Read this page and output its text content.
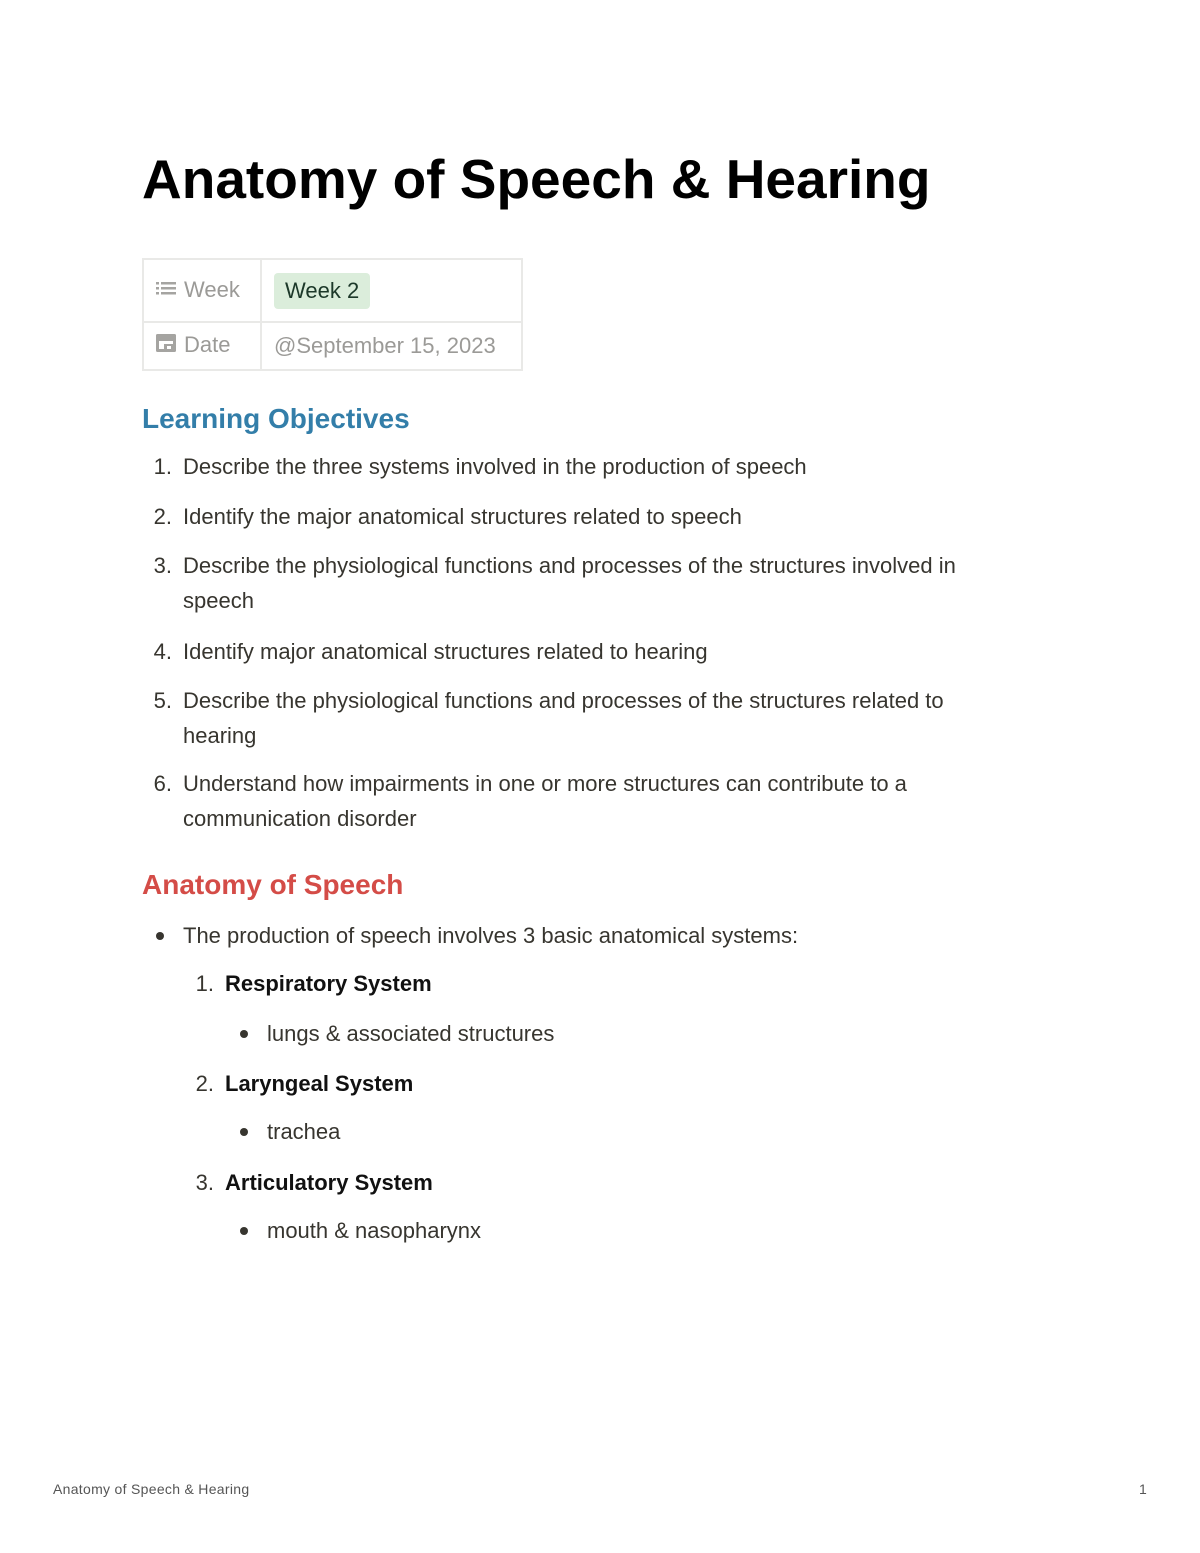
Anatomy of Speech & Hearing
Week	Week 2
Date	@September 15, 2023
Learning Objectives
1. Describe the three systems involved in the production of speech
2. Identify the major anatomical structures related to speech
3. Describe the physiological functions and processes of the structures involved in
speech
4. Identify major anatomical structures related to hearing
5. Describe the physiological functions and processes of the structures related to
hearing
6. Understand how impairments in one or more structures can contribute to a
communication disorder
Anatomy of Speech
The production of speech involves 3 basic anatomical systems:
1. Respiratory System
lungs & associated structures
2. Laryngeal System
trachea
3. Articulatory System
mouth & nasopharynx
Anatomy of Speech & Hearing	1
